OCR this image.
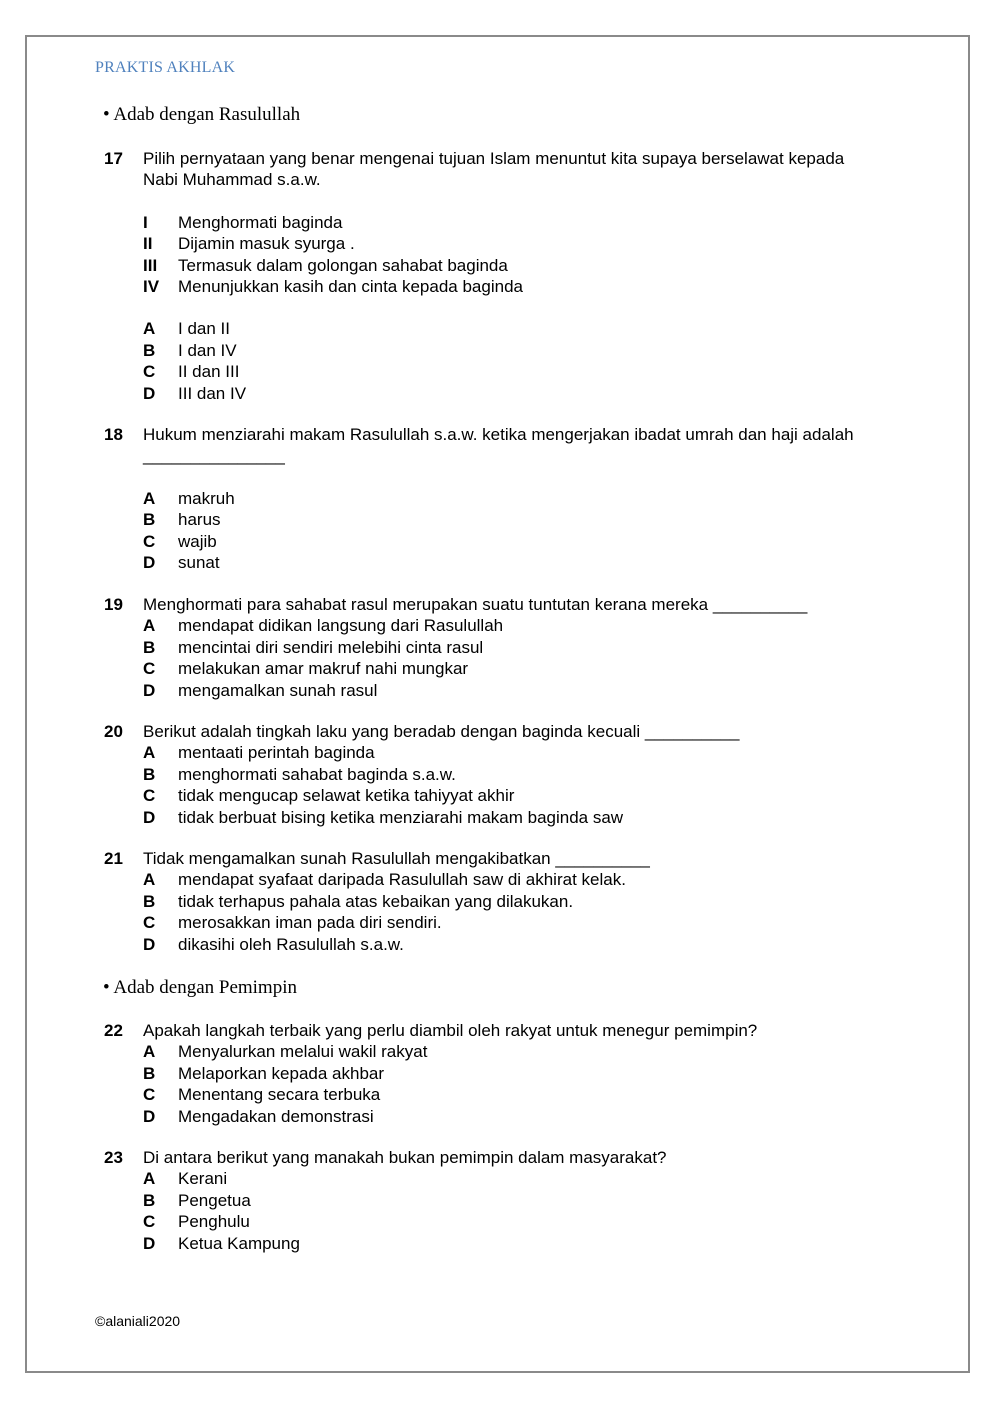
PRAKTIS AKHLAK
• Adab dengan Rasulullah
17	Pilih pernyataan yang benar mengenai tujuan Islam menuntut kita supaya berselawat kepada Nabi Muhammad s.a.w.
I	Menghormati baginda
II	Dijamin masuk syurga .
III	Termasuk dalam golongan sahabat baginda
IV	Menunjukkan kasih dan cinta kepada baginda
A	I dan II
B	I dan IV
C	II dan III
D	III dan IV
18	Hukum menziarahi makam Rasulullah s.a.w. ketika mengerjakan ibadat umrah dan haji adalah _______________
A	makruh
B	harus
C	wajib
D	sunat
19	Menghormati para sahabat rasul merupakan suatu tuntutan kerana mereka __________
A	mendapat didikan langsung dari Rasulullah
B	mencintai diri sendiri melebihi cinta rasul
C	melakukan amar makruf nahi mungkar
D	mengamalkan sunah rasul
20	Berikut adalah tingkah laku yang beradab dengan baginda kecuali __________
A	mentaati perintah baginda
B	menghormati sahabat baginda s.a.w.
C	tidak mengucap selawat ketika tahiyyat akhir
D	tidak berbuat bising ketika menziarahi makam baginda saw
21	Tidak mengamalkan sunah Rasulullah mengakibatkan __________
A	mendapat syafaat daripada Rasulullah saw di akhirat kelak.
B	tidak terhapus pahala atas kebaikan yang dilakukan.
C	merosakkan iman pada diri sendiri.
D	dikasihi oleh Rasulullah s.a.w.
• Adab dengan Pemimpin
22	Apakah langkah terbaik yang perlu diambil oleh rakyat untuk menegur pemimpin?
A	Menyalurkan melalui wakil rakyat
B	Melaporkan kepada akhbar
C	Menentang secara terbuka
D	Mengadakan demonstrasi
23	Di antara berikut yang manakah bukan pemimpin dalam masyarakat?
A	Kerani
B	Pengetua
C	Penghulu
D	Ketua Kampung
©alaniali2020
